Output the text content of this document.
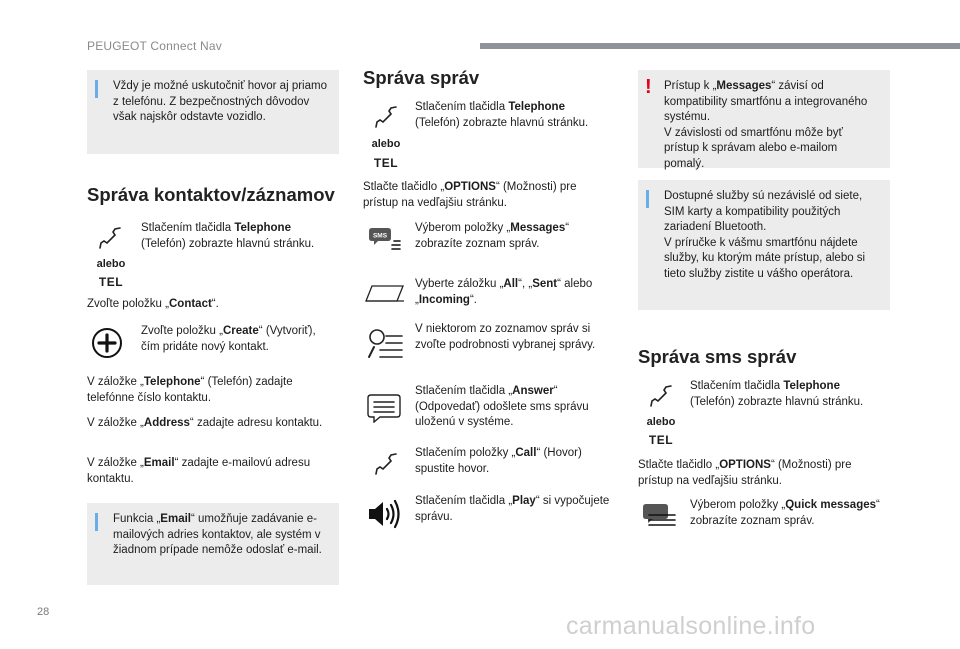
PEUGEOT Connect Nav
Vždy je možné uskutočniť hovor aj priamo z telefónu. Z bezpečnostných dôvodov však najskôr odstavte vozidlo.
Správa kontaktov/záznamov
alebo
TEL
Stlačením tlačidla Telephone (Telefón) zobrazte hlavnú stránku.
Zvoľte položku „Contact“.
Zvoľte položku „Create“ (Vytvoriť), čím pridáte nový kontakt.
V záložke „Telephone“ (Telefón) zadajte telefónne číslo kontaktu.
V záložke „Address“ zadajte adresu kontaktu.
V záložke „Email“ zadajte e-mailovú adresu kontaktu.
Funkcia „Email“ umožňuje zadávanie e-mailových adries kontaktov, ale systém v žiadnom prípade nemôže odoslať e-mail.
Správa správ
alebo
TEL
Stlačením tlačidla Telephone (Telefón) zobrazte hlavnú stránku.
Stlačte tlačidlo „OPTIONS“ (Možnosti) pre prístup na vedľajšiu stránku.
SMS
Výberom položky „Messages“ zobrazíte zoznam správ.
Vyberte záložku „All“, „Sent“ alebo „Incoming“.
V niektorom zo zoznamov správ si zvoľte podrobnosti vybranej správy.
Stlačením tlačidla „Answer“ (Odpovedať) odošlete sms správu uloženú v systéme.
Stlačením položky „Call“ (Hovor) spustite hovor.
Stlačením tlačidla „Play“ si vypočujete správu.
! Prístup k „Messages“ závisí od kompatibility smartfónu a integrovaného systému.
V závislosti od smartfónu môže byť prístup k správam alebo e-mailom pomalý.
Dostupné služby sú nezávislé od siete, SIM karty a kompatibility použitých zariadení Bluetooth.
V príručke k vášmu smartfónu nájdete služby, ku ktorým máte prístup, alebo si tieto služby zistite u vášho operátora.
Správa sms správ
alebo
TEL
Stlačením tlačidla Telephone (Telefón) zobrazte hlavnú stránku.
Stlačte tlačidlo „OPTIONS“ (Možnosti) pre prístup na vedľajšiu stránku.
Výberom položky „Quick messages“ zobrazíte zoznam správ.
28	carmanualsonline.info
